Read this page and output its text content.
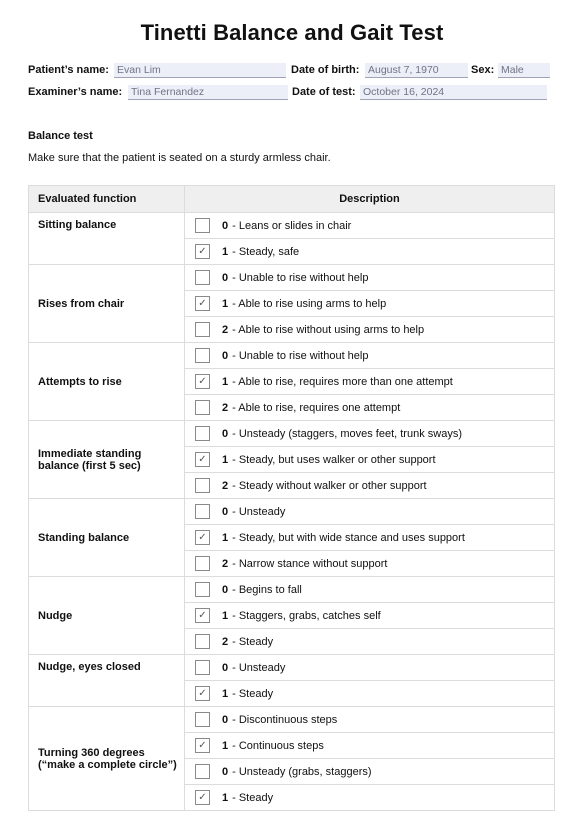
Tinetti Balance and Gait Test
Patient’s name: Evan Lim	Date of birth: August 7, 1970	Sex: Male
Examiner’s name: Tina Fernandez	Date of test: October 16, 2024
Balance test
Make sure that the patient is seated on a sturdy armless chair.
Evaluated function	Description
Sitting balance	0 - Leans or slides in chair

	✓ 1 - Steady, safe

Rises from chair	0 - Unable to rise without help

	✓ 1 - Able to rise using arms to help

	2 - Able to rise without using arms to help

Attempts to rise	0 - Unable to rise without help

	✓ 1 - Able to rise, requires more than one attempt

	2 - Able to rise, requires one attempt

Immediate standing balance (first 5 sec)	0 - Unsteady (staggers, moves feet, trunk sways)

	✓ 1 - Steady, but uses walker or other support

	2 - Steady without walker or other support

Standing balance	0 - Unsteady

	✓ 1 - Steady, but with wide stance and uses support

	2 - Narrow stance without support

Nudge	0 - Begins to fall

	✓ 1 - Staggers, grabs, catches self

	2 - Steady

Nudge, eyes closed	0 - Unsteady

	✓ 1 - Steady

Turning 360 degrees (“make a complete circle”)	0 - Discontinuous steps

	✓ 1 - Continuous steps

	0 - Unsteady (grabs, staggers)

	✓ 1 - Steady
